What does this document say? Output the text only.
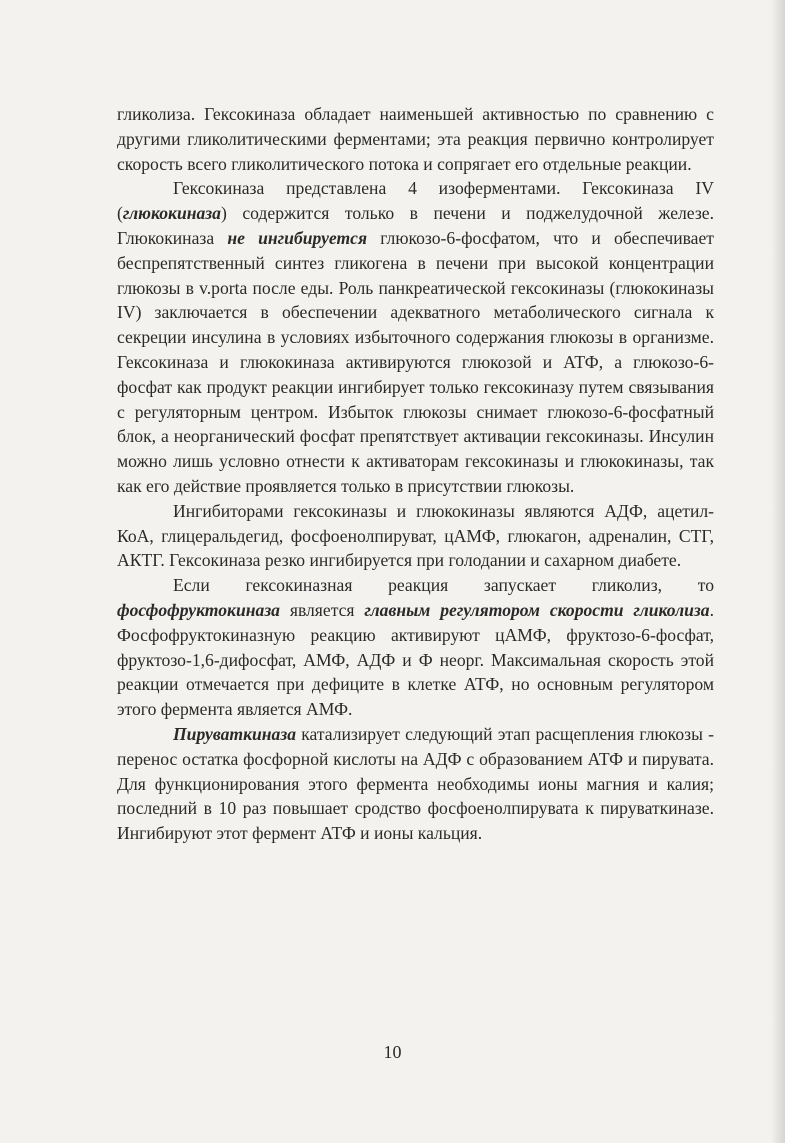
гликолиза. Гексокиназа обладает наименьшей активностью по сравнению с другими гликолитическими ферментами; эта реакция первично контролирует скорость всего гликолитического потока и сопрягает его отдельные реакции.

Гексокиназа представлена 4 изоферментами. Гексокиназа IV (глюкокиназа) содержится только в печени и поджелудочной железе. Глюкокиназа не ингибируется глюкозо-6-фосфатом, что и обеспечивает беспрепятственный синтез гликогена в печени при высокой концентрации глюкозы в v.porta после еды. Роль панкреатической гексокиназы (глюкокиназы IV) заключается в обеспечении адекватного метаболического сигнала к секреции инсулина в условиях избыточного содержания глюкозы в организме. Гексокиназа и глюкокиназа активируются глюкозой и АТФ, а глюкозо-6-фосфат как продукт реакции ингибирует только гексокиназу путем связывания с регуляторным центром. Избыток глюкозы снимает глюкозо-6-фосфатный блок, а неорганический фосфат препятствует активации гексокиназы. Инсулин можно лишь условно отнести к активаторам гексокиназы и глюкокиназы, так как его действие проявляется только в присутствии глюкозы.

Ингибиторами гексокиназы и глюкокиназы являются АДФ, ацетил-КоА, глицеральдегид, фосфоенолпируват, цАМФ, глюкагон, адреналин, СТГ, АКТГ. Гексокиназа резко ингибируется при голодании и сахарном диабете.

Если гексокиназная реакция запускает гликолиз, то фосфофруктокиназа является главным регулятором скорости гликолиза. Фосфофруктокиназную реакцию активируют цАМФ, фруктозо-6-фосфат, фруктозо-1,6-дифосфат, АМФ, АДФ и Ф неорг. Максимальная скорость этой реакции отмечается при дефиците в клетке АТФ, но основным регулятором этого фермента является АМФ.

Пируваткиназа катализирует следующий этап расщепления глюкозы - перенос остатка фосфорной кислоты на АДФ с образованием АТФ и пирувата. Для функционирования этого фермента необходимы ионы магния и калия; последний в 10 раз повышает сродство фосфоенолпирувата к пируваткиназе. Ингибируют этот фермент АТФ и ионы кальция.

10
